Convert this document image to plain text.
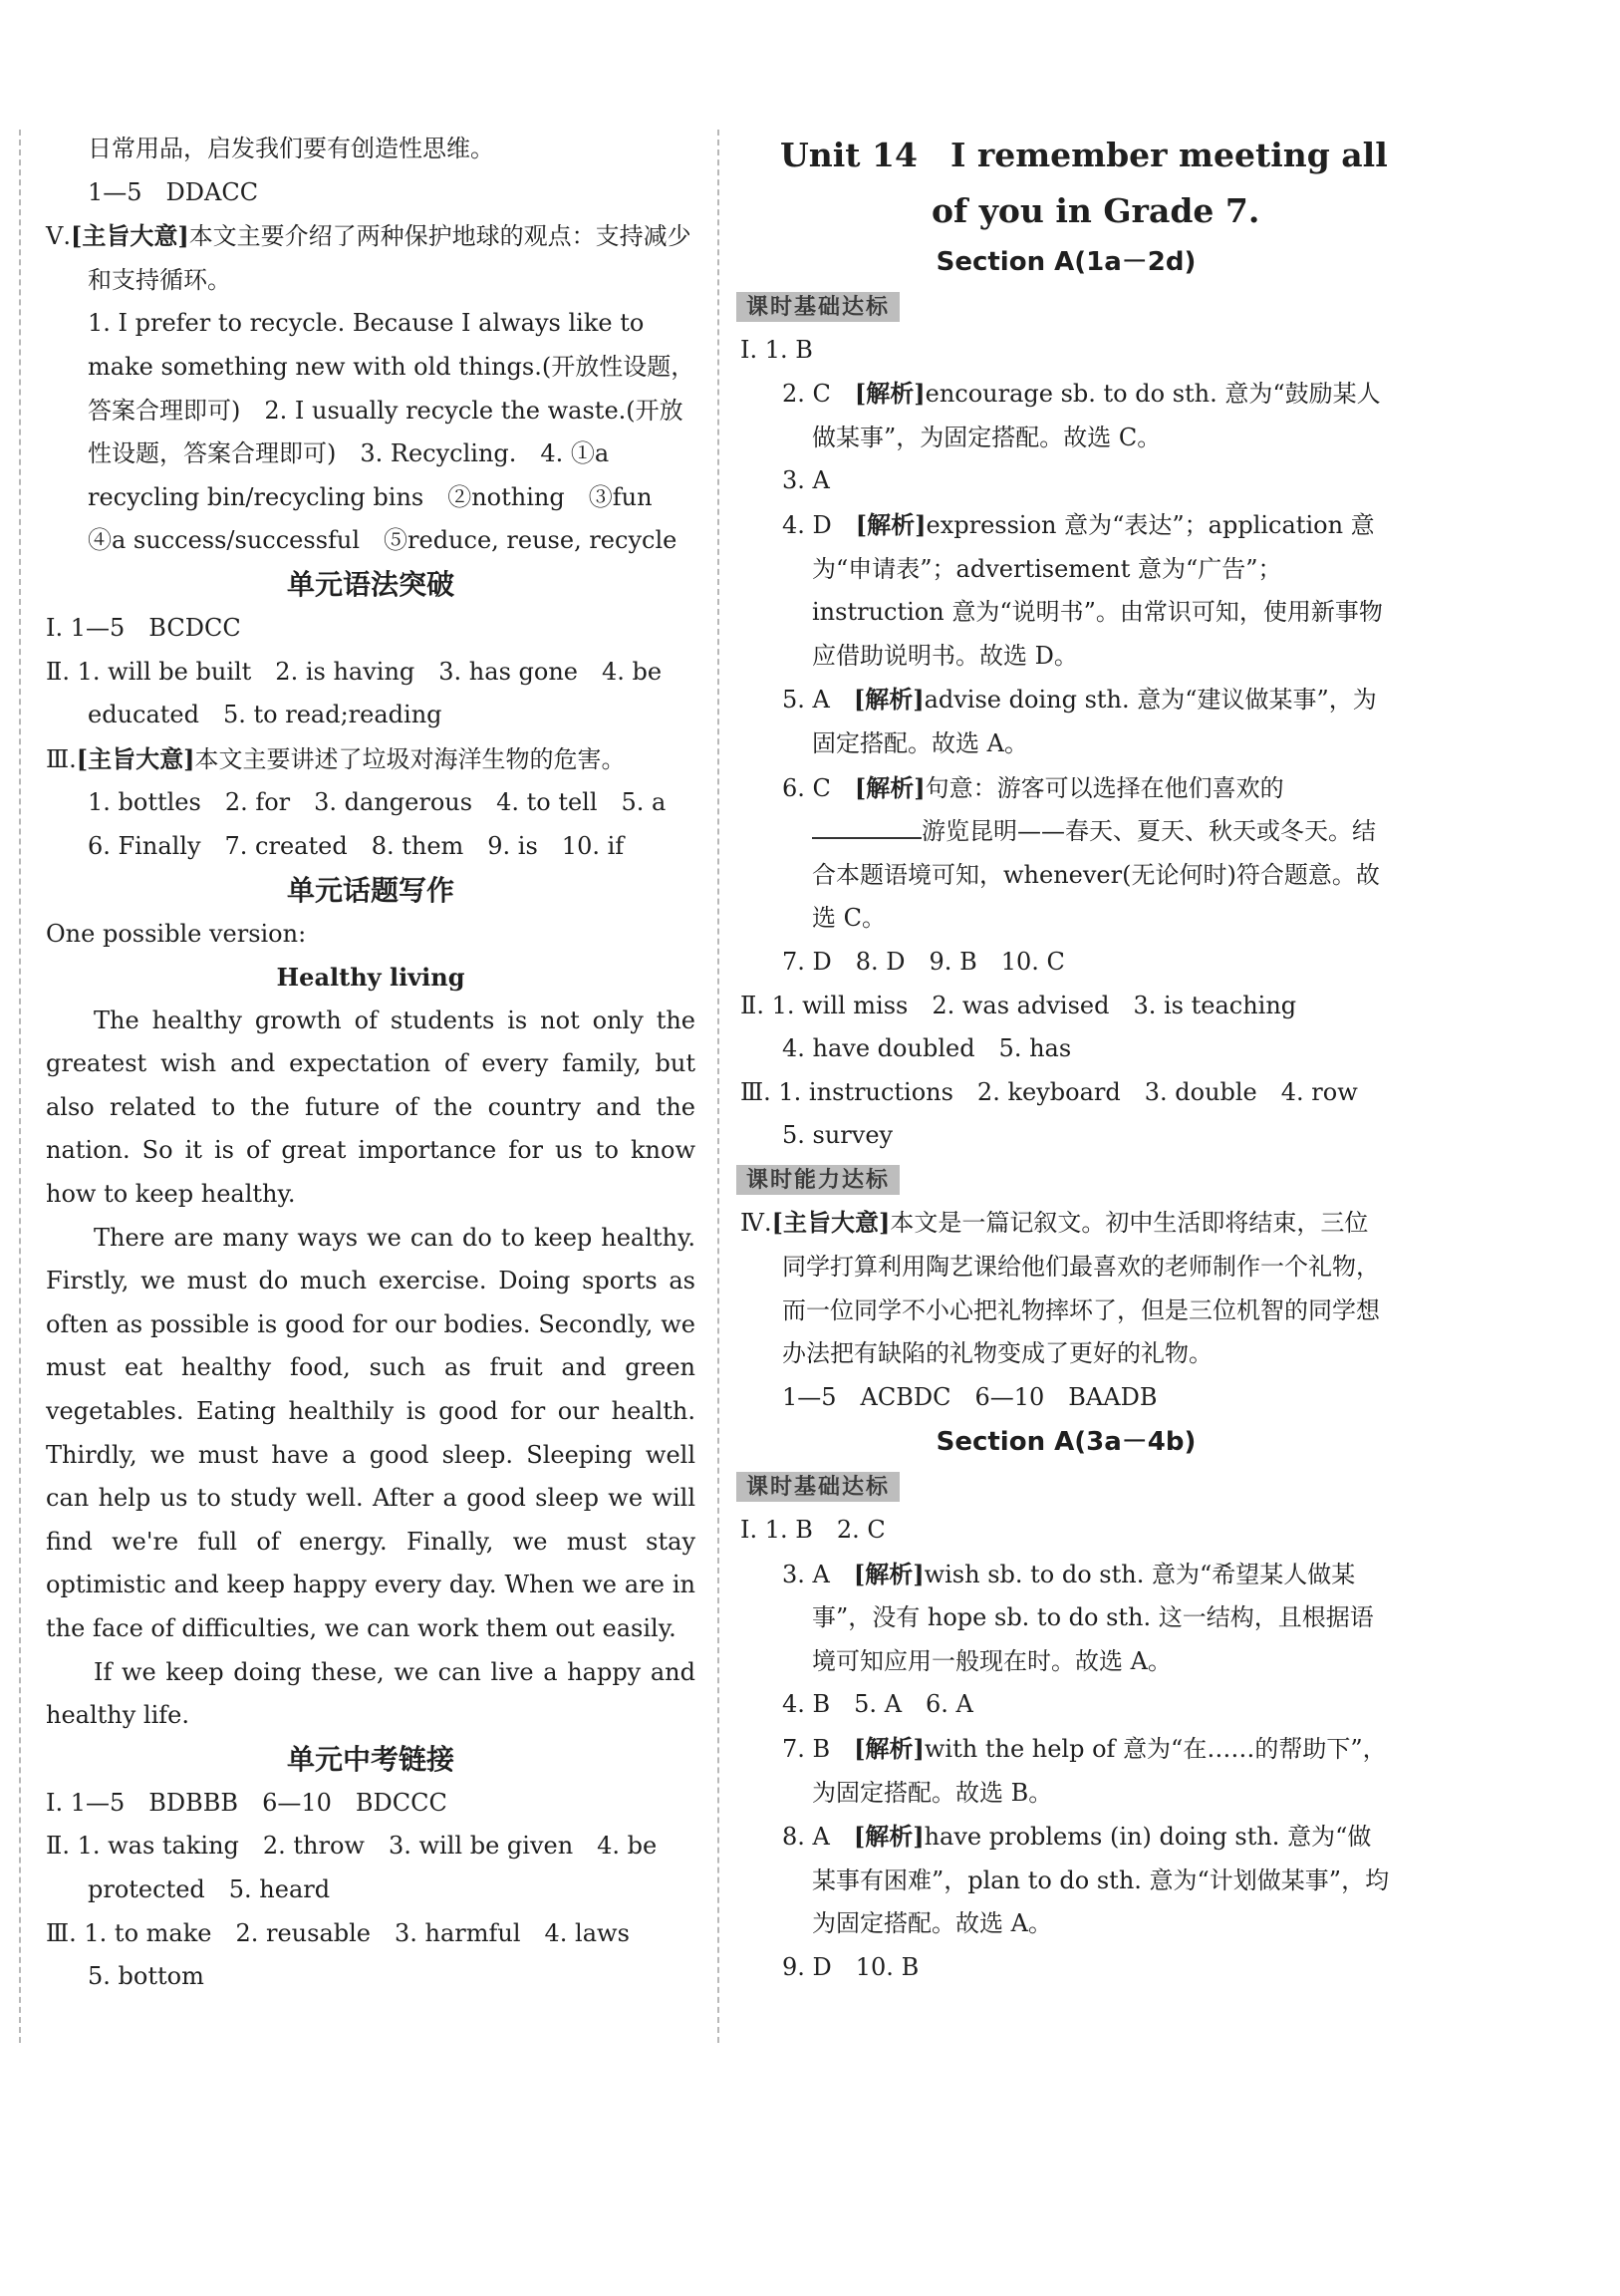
日常用品，启发我们要有创造性思维。

1—5　DDACC

Ⅴ.[主旨大意]本文主要介绍了两种保护地球的观点：支持减少和支持循环。

1. I prefer to recycle. Because I always like to make something new with old things.(开放性设题，答案合理即可)　2. I usually recycle the waste.(开放性设题，答案合理即可)　3. Recycling.　4. ①a recycling bin/recycling bins　②nothing　③fun　④a success/successful　⑤reduce, reuse, recycle

单元语法突破

Ⅰ. 1—5　BCDCC

Ⅱ. 1. will be built　2. is having　3. has gone　4. be educated　5. to read;reading

Ⅲ.[主旨大意]本文主要讲述了垃圾对海洋生物的危害。

1. bottles　2. for　3. dangerous　4. to tell　5. a

6. Finally　7. created　8. them　9. is　10. if

单元话题写作

One possible version:

Healthy living

The healthy growth of students is not only the greatest wish and expectation of every family, but also related to the future of the country and the nation. So it is of great importance for us to know how to keep healthy.

There are many ways we can do to keep healthy. Firstly, we must do much exercise. Doing sports as often as possible is good for our bodies. Secondly, we must eat healthy food, such as fruit and green vegetables. Eating healthily is good for our health. Thirdly, we must have a good sleep. Sleeping well can help us to study well. After a good sleep we will find we're full of energy. Finally, we must stay optimistic and keep happy every day. When we are in the face of difficulties, we can work them out easily.

If we keep doing these, we can live a happy and healthy life.

单元中考链接

Ⅰ. 1—5　BDBBB　6—10　BDCCC

Ⅱ. 1. was taking　2. throw　3. will be given　4. be protected　5. heard

Ⅲ. 1. to make　2. reusable　3. harmful　4. laws

5. bottom

Unit 14　I remember meeting all of you in Grade 7.
Section A(1a－2d)
课时基础达标

Ⅰ. 1. B

2. C　 [解析]encourage sb. to do sth. 意为“鼓励某人做某事”，为固定搭配。故选 C。

3. A

4. D　 [解析]expression 意为“表达”；application 意为“申请表”；advertisement 意为“广告”；instruction 意为“说明书”。由常识可知，使用新事物应借助说明书。故选 D。

5. A　 [解析]advise doing sth. 意为“建议做某事”，为固定搭配。故选 A。

6. C　 [解析]句意：游客可以选择在他们喜欢的
游览昆明——春天、夏天、秋天或冬天。结合本题语境可知，whenever(无论何时)符合题意。故选 C。

7. D　8. D　9. B　10. C

Ⅱ. 1. will miss　2. was advised　3. is teaching

4. have doubled　5. has

Ⅲ. 1. instructions　2. keyboard　3. double　4. row

5. survey

课时能力达标

Ⅳ.[主旨大意]本文是一篇记叙文。初中生活即将结束，三位同学打算利用陶艺课给他们最喜欢的老师制作一个礼物，而一位同学不小心把礼物摔坏了，但是三位机智的同学想办法把有缺陷的礼物变成了更好的礼物。

1—5　ACBDC　6—10　BAADB

Section A(3a－4b)
课时基础达标

Ⅰ. 1. B　2. C

3. A　 [解析]wish sb. to do sth. 意为“希望某人做某事”，没有 hope sb. to do sth. 这一结构，且根据语境可知应用一般现在时。故选 A。

4. B　5. A　6. A

7. B　 [解析]with the help of 意为“在……的帮助下”，为固定搭配。故选 B。

8. A　 [解析]have problems (in) doing sth. 意为“做某事有困难”，plan to do sth. 意为“计划做某事”，均为固定搭配。故选 A。

9. D　10. B
